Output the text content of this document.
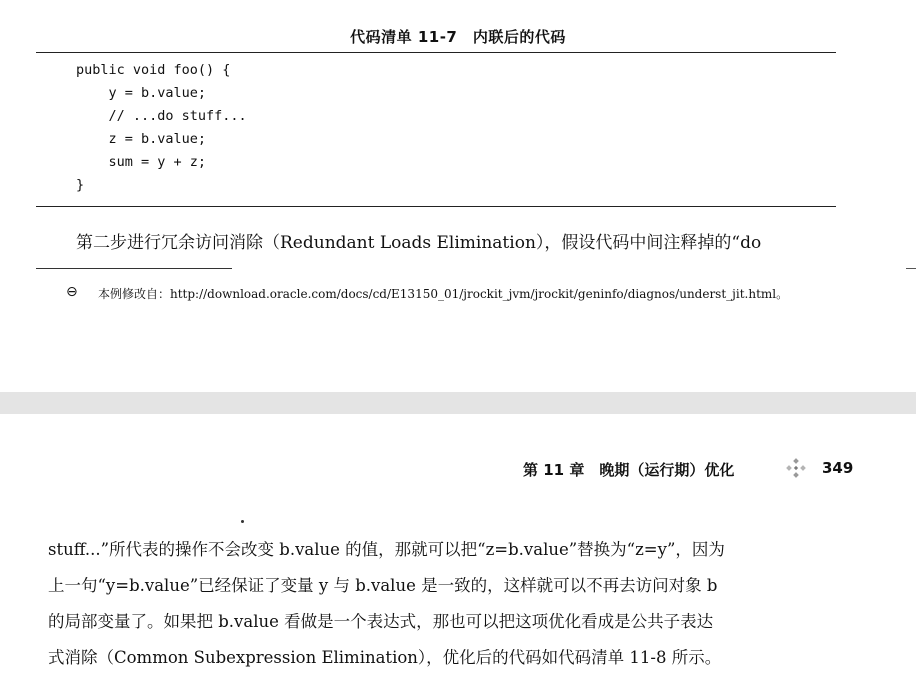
代码清单 11-7　内联后的代码
public void foo() {
y = b.value;
// ...do stuff...
z = b.value;
sum = y + z;
}
第二步进行冗余访问消除（Redundant Loads Elimination），假设代码中间注释掉的“do
⊖ 本例修改自：http://download.oracle.com/docs/cd/E13150_01/jrockit_jvm/jrockit/geninfo/diagnos/underst_jit.html。
第 11 章　晚期（运行期）优化	349
stuff...”所代表的操作不会改变 b.value 的值，那就可以把“z=b.value”替换为“z=y”，因为
上一句“y=b.value”已经保证了变量 y 与 b.value 是一致的，这样就可以不再去访问对象 b
的局部变量了。如果把 b.value 看做是一个表达式，那也可以把这项优化看成是公共子表达
式消除（Common Subexpression Elimination），优化后的代码如代码清单 11-8 所示。
